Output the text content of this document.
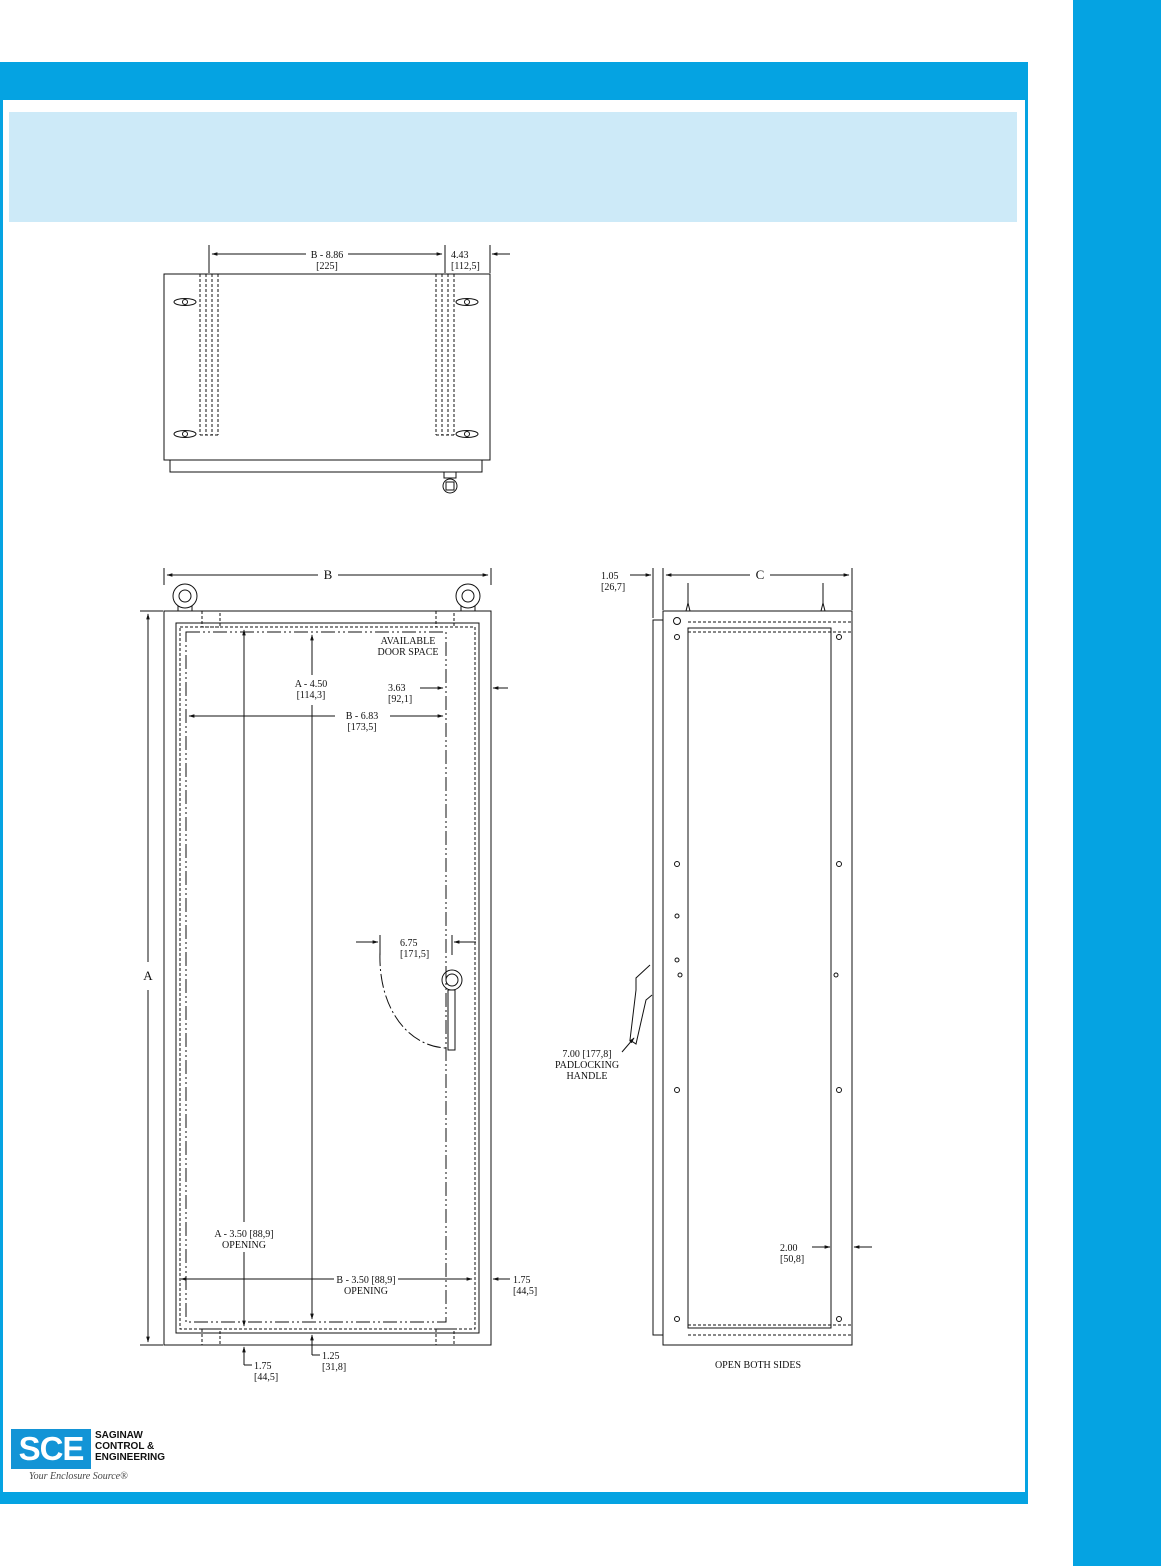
B - 8.86
[225]
4.43
[112,5]
B
A
AVAILABLE
DOOR SPACE
A - 4.50
[114,3]
3.63
[92,1]
B - 6.83
[173,5]
6.75
[171,5]
A - 3.50 [88,9]
OPENING
B - 3.50 [88,9]
OPENING
1.75
[44,5]
1.75
[44,5]
1.25
[31,8]
C
1.05
[26,7]
7.00 [177,8]
PADLOCKING
HANDLE
2.00
[50,8]
OPEN BOTH SIDES
SCE	SAGINAW
CONTROL &
ENGINEERING
Your Enclosure Source®
